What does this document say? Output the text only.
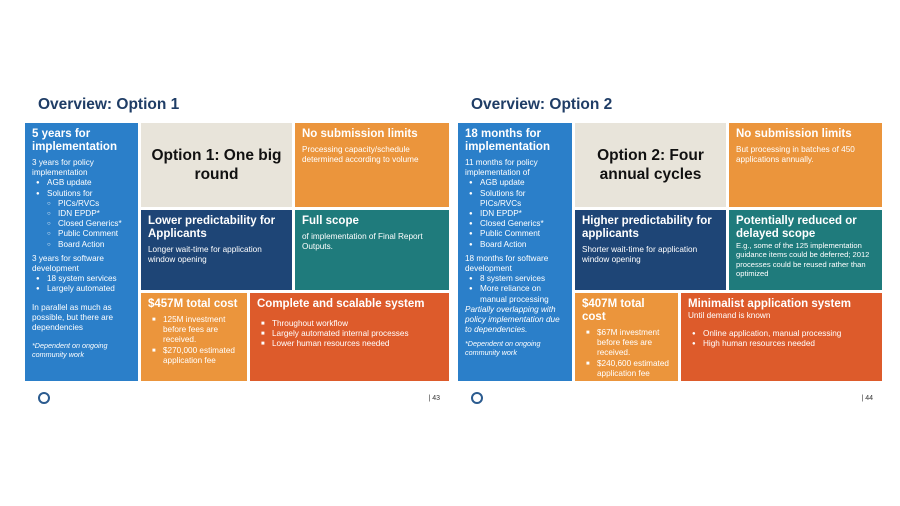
Overview: Option 1
5 years for implementation
3 years for policy implementation
● AGB update
● Solutions for
○ PICs/RVCs
○ IDN EPDP*
○ Closed Generics*
○ Public Comment
○ Board Action
3 years for software development
● 18 system services
● Largely automated
In parallel as much as possible, but there are dependencies
*Dependent on ongoing community work
Option 1: One big round
No submission limits
Processing capacity/schedule determined according to volume
Lower predictability for Applicants
Longer wait-time for application window opening
Full scope
of implementation of Final Report Outputs.
$457M total cost
■ 125M investment before fees are received.
■ $270,000 estimated application fee
Complete and scalable system
■ Throughout workflow
■ Largely automated internal processes
■ Lower human resources needed
| 43
Overview: Option 2
18 months for implementation
11 months for policy implementation of
● AGB update
● Solutions for PICs/RVCs
● IDN EPDP*
● Closed Generics*
● Public Comment
● Board Action
18 months for software development
● 8 system services
● More reliance on manual processing
Partially overlapping with policy implementation due to dependencies.
*Dependent on ongoing community work
Option 2: Four annual cycles
No submission limits
But processing in batches of 450 applications annually.
Higher predictability for applicants
Shorter wait-time for application window opening
Potentially reduced or delayed scope
E.g., some of the 125 implementation guidance items could be deferred; 2012 processes could be reused rather than optimized
$407M total cost
■ $67M investment before fees are received.
■ $240,600 estimated application fee
Minimalist application system
Until demand is known
● Online application, manual processing
● High human resources needed
| 44
